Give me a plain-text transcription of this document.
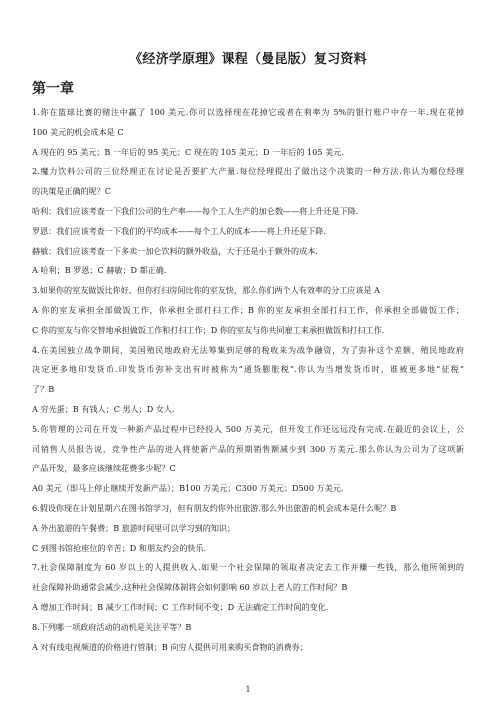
《经济学原理》课程（曼昆版）复习资料
第一章
1.你在篮球比赛的赌注中赢了 100 美元.你可以选择现在花掉它或者在利率为 5%的银行账户中存一年.现在花掉
100 美元的机会成本是 C
A 现在的 95 美元；B 一年后的 95 美元；C 现在的 105 美元；D 一年后的 105 美元.
2.魔力饮料公司的三位经理正在讨论是否要扩大产量.每位经理提出了做出这个决策的一种方法.你认为哪位经理
的决策是正确的呢？C
哈利：我们应该考查一下我们公司的生产率——每个工人生产的加仑数——将上升还是下降.
罗恩：我们应该考查一下我们的平均成本——每个工人的成本——将上升还是下降.
赫敏：我们应该考查一下多卖一加仑饮料的额外收益，大于还是小于额外的成本.
A 哈利；B 罗恩；C 赫敏；D 都正确.
3.如果你的室友做饭比你好，但你打扫房间比你的室友快，那么你们两个人有效率的分工应该是 A
A 你的室友承担全部做饭工作，你承担全部打扫工作；B 你的室友承担全部打扫工作，你承担全部做饭工作；
C 你的室友与你交替地承担做饭工作和打扫工作；D 你的室友与你共同雇工来承担做饭和打扫工作.
4.在美国独立战争期间，美国殖民地政府无法筹集到足够的税收来为战争融资，为了弥补这个差额，殖民地政府
决定更多地印发货币.印发货币弥补支出有时被称为“通货膨胀税”.你认为当增发货币时，谁被更多地“征税”
了？B
A 穷光蛋；B 有钱人；C 男人；D 女人.
5.你管理的公司在开发一种新产品过程中已经投入 500 万美元，但开发工作还远远没有完成.在最近的会议上，公
司销售人员报告说，竞争性产品的进入将使新产品的预期销售额减少到 300 万美元.那么你认为公司为了这项新
产品开发，最多应该继续花费多少呢？C
A0 美元（即马上停止继续开发新产品）；B100 万美元；C300 万美元；D500 万美元.
6.假设你现在计划星期六在图书馆学习，但有朋友约你外出旅游.那么外出旅游的机会成本是什么呢？B
A 外出旅游的午餐费；B 旅游时间里可以学习到的知识；
C 到图书馆抢座位的辛苦；D 和朋友约会的快乐.
7.社会保障制度为 60 岁以上的人提供收入.如果一个社会保障的领取者决定去工作并赚一些钱，那么他所领到的
社会保障补助通常会减少.这种社会保障体制将会如何影响 60 岁以上老人的工作时间？B
A 增加工作时间；B 减少工作时间；C 工作时间不变；D 无法确定工作时间的变化.
8.下列哪一项政府活动的动机是关注平等？B
A 对有线电视频道的价格进行管制；B 向穷人提供可用来购买食物的消费券；
1
